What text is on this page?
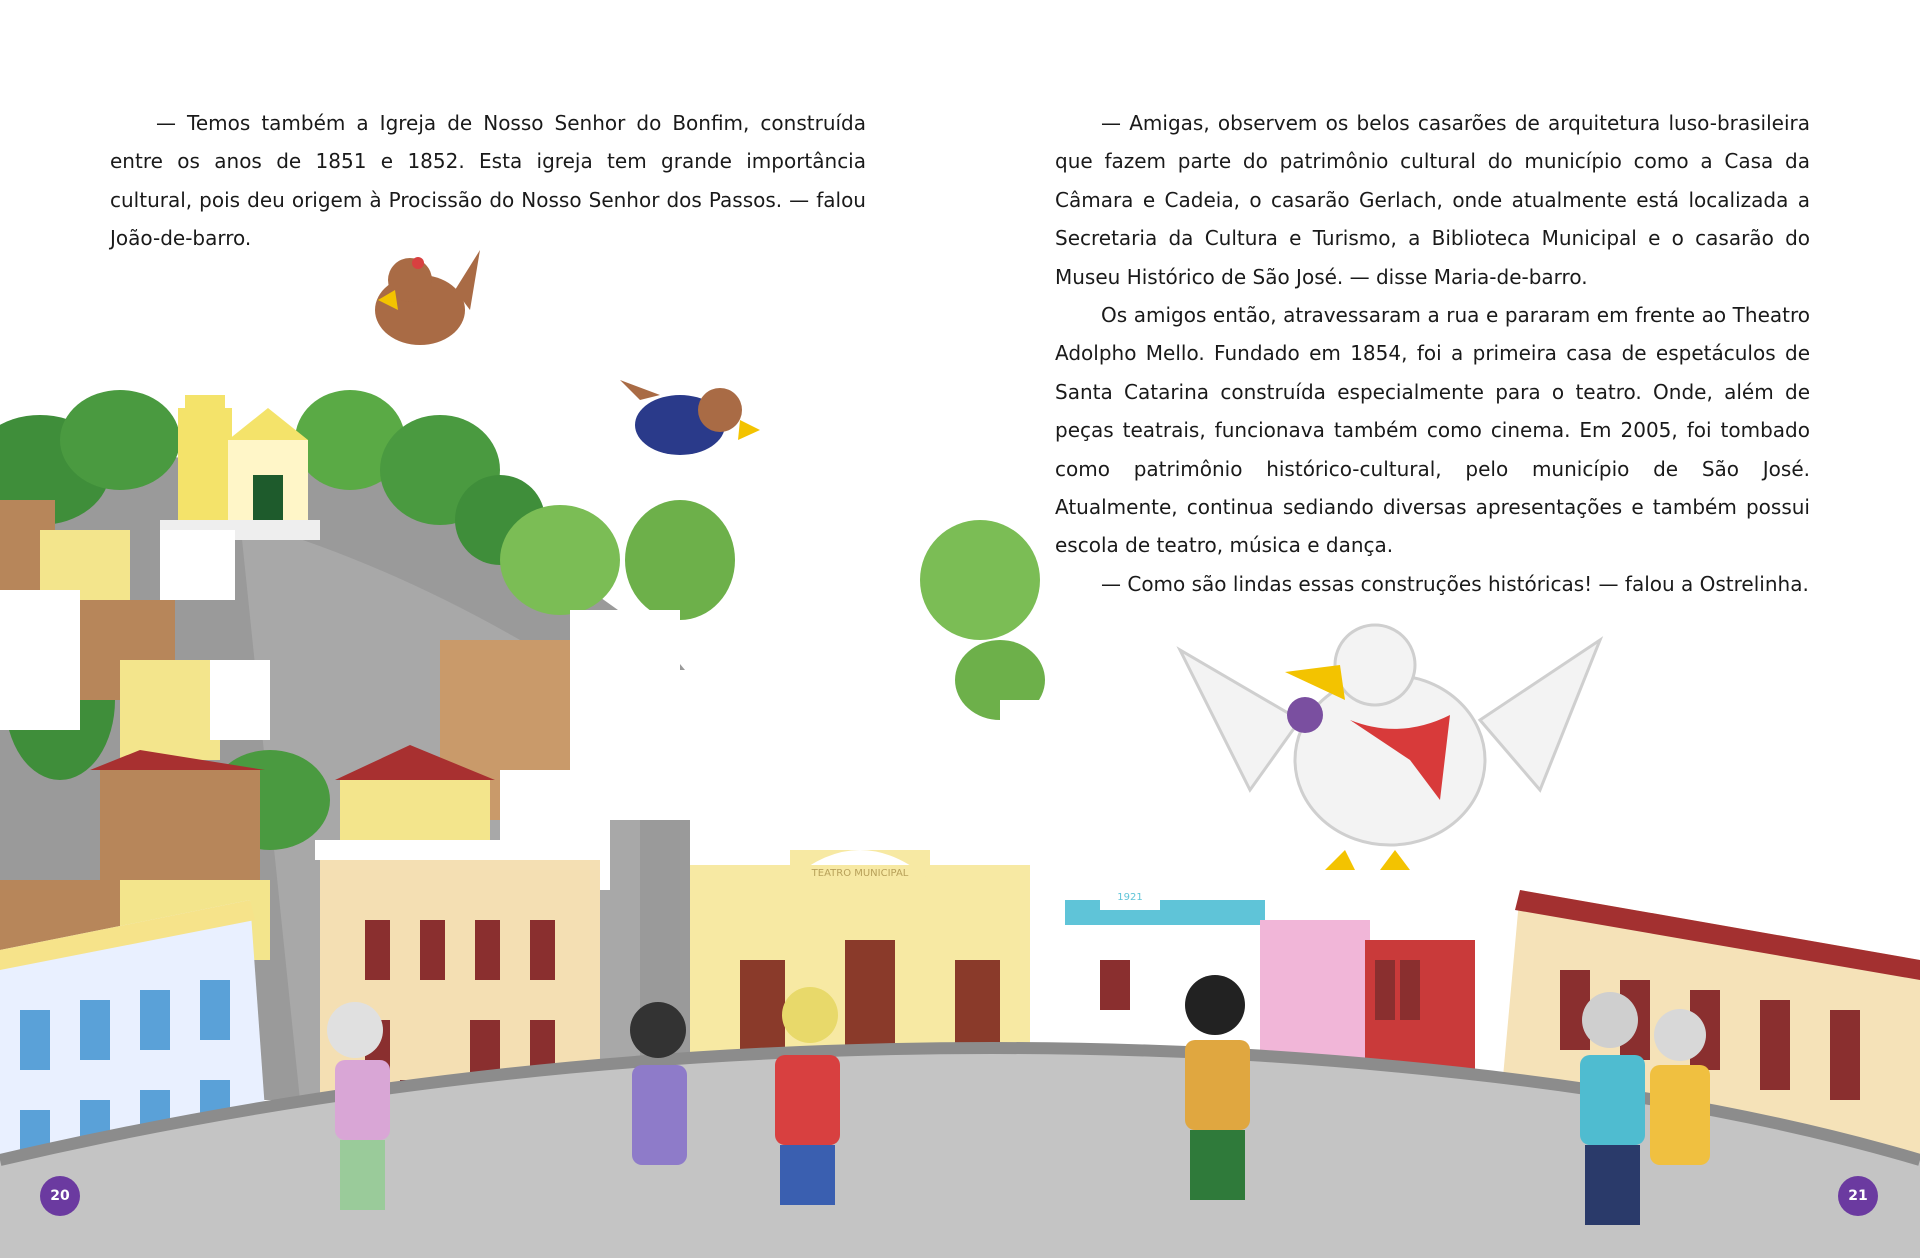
TEATRO MUNICIPAL
1921

— Temos também a Igreja de Nosso Senhor do Bonfim, construída entre os anos de 1851 e 1852. Esta igreja tem grande importância cultural, pois deu origem à Procissão do Nosso Senhor dos Passos. — falou João-de-barro.

— Amigas, observem os belos casarões de arquitetura luso-brasileira que fazem parte do patrimônio cultural do município como a Casa da Câmara e Cadeia, o casarão Gerlach, onde atualmente está localizada a Secretaria da Cultura e Turismo, a Biblioteca Municipal e o casarão do Museu Histórico de São José. — disse Maria-de-barro.

Os amigos então, atravessaram a rua e pararam em frente ao Theatro Adolpho Mello. Fundado em 1854, foi a primeira casa de espetáculos de Santa Catarina construída especialmente para o teatro. Onde, além de peças teatrais, funcionava também como cinema. Em 2005, foi tombado como patrimônio histórico-cultural, pelo município de São José. Atualmente, continua sediando diversas apresentações e também possui escola de teatro, música e dança.

— Como são lindas essas construções históricas! — falou a Ostrelinha.

20	21
